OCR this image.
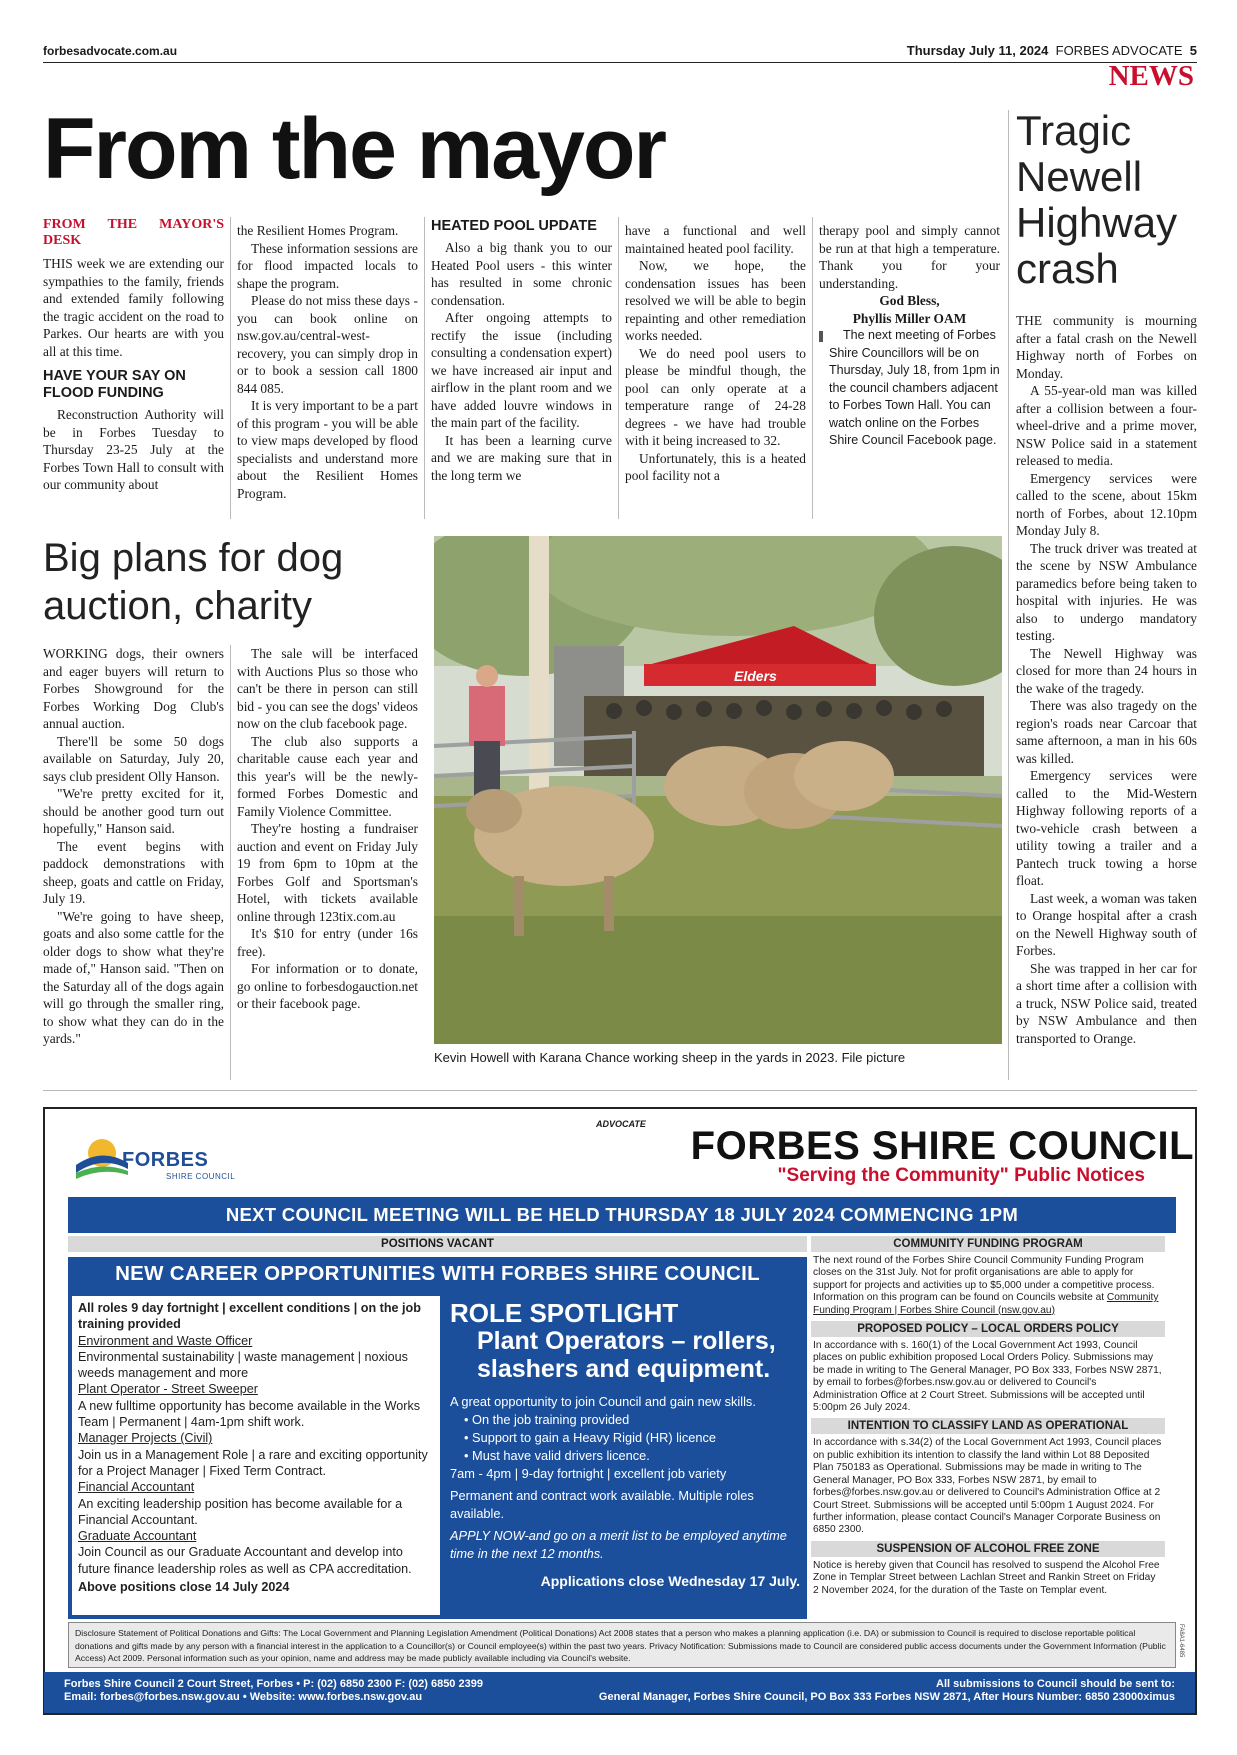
forbesadvocate.com.au	Thursday July 11, 2024 FORBES ADVOCATE 5
NEWS
From the mayor

FROM THE MAYOR'S DESK

THIS week we are extending our sympathies to the family, friends and extended family following the tragic accident on the road to Parkes. Our hearts are with you all at this time.

HAVE YOUR SAY ON FLOOD FUNDING

Reconstruction Authority will be in Forbes Tuesday to Thursday 23-25 July at the Forbes Town Hall to consult with our community about

the Resilient Homes Program.

These information sessions are for flood impacted locals to shape the program.

Please do not miss these days - you can book online on nsw.gov.au/central-west-recovery, you can simply drop in or to book a session call 1800 844 085.

It is very important to be a part of this program - you will be able to view maps developed by flood specialists and understand more about the Resilient Homes Program.

HEATED POOL UPDATE

Also a big thank you to our Heated Pool users - this winter has resulted in some chronic condensation.

After ongoing attempts to rectify the issue (including consulting a condensation expert) we have increased air input and airflow in the plant room and we have added louvre windows in the main part of the facility.

It has been a learning curve and we are making sure that in the long term we

have a functional and well maintained heated pool facility.

Now, we hope, the condensation issues has been resolved we will be able to begin repainting and other remediation works needed.

We do need pool users to please be mindful though, the pool can only operate at a temperature range of 24-28 degrees - we have had trouble with it being increased to 32.

Unfortunately, this is a heated pool facility not a

therapy pool and simply cannot be run at that high a temperature. Thank you for your understanding.

God Bless,

Phyllis Miller OAM

The next meeting of Forbes Shire Councillors will be on Thursday, July 18, from 1pm in the council chambers adjacent to Forbes Town Hall. You can watch online on the Forbes Shire Council Facebook page.

Tragic Newell Highway crash

THE community is mourning after a fatal crash on the Newell Highway north of Forbes on Monday.

A 55-year-old man was killed after a collision between a four-wheel-drive and a prime mover, NSW Police said in a statement released to media.

Emergency services were called to the scene, about 15km north of Forbes, about 12.10pm Monday July 8.

The truck driver was treated at the scene by NSW Ambulance paramedics before being taken to hospital with injuries. He was also to undergo mandatory testing.

The Newell Highway was closed for more than 24 hours in the wake of the tragedy.

There was also tragedy on the region's roads near Carcoar that same afternoon, a man in his 60s was killed.

Emergency services were called to the Mid-Western Highway following reports of a two-vehicle crash between a utility towing a trailer and a Pantech truck towing a horse float.

Last week, a woman was taken to Orange hospital after a crash on the Newell Highway south of Forbes.

She was trapped in her car for a short time after a collision with a truck, NSW Police said, treated by NSW Ambulance and then transported to Orange.

Big plans for dog auction, charity

WORKING dogs, their owners and eager buyers will return to Forbes Showground for the Forbes Working Dog Club's annual auction.

There'll be some 50 dogs available on Saturday, July 20, says club president Olly Hanson.

"We're pretty excited for it, should be another good turn out hopefully," Hanson said.

The event begins with paddock demonstrations with sheep, goats and cattle on Friday, July 19.

"We're going to have sheep, goats and also some cattle for the older dogs to show what they're made of," Hanson said. "Then on the Saturday all of the dogs again will go through the smaller ring, to show what they can do in the yards."

The sale will be interfaced with Auctions Plus so those who can't be there in person can still bid - you can see the dogs' videos now on the club facebook page.

The club also supports a charitable cause each year and this year's will be the newly-formed Forbes Domestic and Family Violence Committee.

They're hosting a fundraiser auction and event on Friday July 19 from 6pm to 10pm at the Forbes Golf and Sportsman's Hotel, with tickets available online through 123tix.com.au

It's $10 for entry (under 16s free).

For information or to donate, go online to forbesdogauction.net or their facebook page.

Elders
Kevin Howell with Karana Chance working sheep in the yards in 2023. File picture
FORBES
SHIRE COUNCIL
ADVOCATE	FORBES SHIRE COUNCIL
"Serving the Community" Public Notices
NEXT COUNCIL MEETING WILL BE HELD THURSDAY 18 JULY 2024 COMMENCING 1PM
POSITIONS VACANT
NEW CAREER OPPORTUNITIES WITH FORBES SHIRE COUNCIL
All roles 9 day fortnight | excellent conditions | on the job training provided
Environment and Waste Officer
Environmental sustainability | waste management | noxious weeds management and more
Plant Operator - Street Sweeper
A new fulltime opportunity has become available in the Works Team | Permanent | 4am-1pm shift work.
Manager Projects (Civil)
Join us in a Management Role | a rare and exciting opportunity for a Project Manager | Fixed Term Contract.
Financial Accountant
An exciting leadership position has become available for a Financial Accountant.
Graduate Accountant
Join Council as our Graduate Accountant and develop into future finance leadership roles as well as CPA accreditation.
Above positions close 14 July 2024
ROLE SPOTLIGHT
Plant Operators – rollers, slashers and equipment.
A great opportunity to join Council and gain new skills.
• On the job training provided
• Support to gain a Heavy Rigid (HR) licence
• Must have valid drivers licence.
7am - 4pm | 9-day fortnight | excellent job variety
Permanent and contract work available. Multiple roles available.
APPLY NOW-and go on a merit list to be employed anytime time in the next 12 months.
Applications close Wednesday 17 July.
COMMUNITY FUNDING PROGRAM
The next round of the Forbes Shire Council Community Funding Program closes on the 31st July. Not for profit organisations are able to apply for support for projects and activities up to $5,000 under a competitive process. Information on this program can be found on Councils website at Community Funding Program | Forbes Shire Council (nsw.gov.au)
PROPOSED POLICY – LOCAL ORDERS POLICY
In accordance with s. 160(1) of the Local Government Act 1993, Council places on public exhibition proposed Local Orders Policy. Submissions may be made in writing to The General Manager, PO Box 333, Forbes NSW 2871, by email to forbes@forbes.nsw.gov.au or delivered to Council's Administration Office at 2 Court Street. Submissions will be accepted until 5:00pm 26 July 2024.
INTENTION TO CLASSIFY LAND AS OPERATIONAL
In accordance with s.34(2) of the Local Government Act 1993, Council places on public exhibition its intention to classify the land within Lot 88 Deposited Plan 750183 as Operational. Submissions may be made in writing to The General Manager, PO Box 333, Forbes NSW 2871, by email to forbes@forbes.nsw.gov.au or delivered to Council's Administration Office at 2 Court Street. Submissions will be accepted until 5:00pm 1 August 2024. For further information, please contact Council's Manager Corporate Business on 6850 2300.
SUSPENSION OF ALCOHOL FREE ZONE
Notice is hereby given that Council has resolved to suspend the Alcohol Free Zone in Templar Street between Lachlan Street and Rankin Street on Friday 2 November 2024, for the duration of the Taste on Templar event.
Disclosure Statement of Political Donations and Gifts: The Local Government and Planning Legislation Amendment (Political Donations) Act 2008 states that a person who makes a planning application (i.e. DA) or submission to Council is required to disclose reportable political donations and gifts made by any person with a financial interest in the application to a Councillor(s) or Council employee(s) within the past two years. Privacy Notification: Submissions made to Council are considered public access documents under the Government Information (Public Access) Act 2009. Personal information such as your opinion, name and address may be made publicly available including via Council's website.
FA8A1-6485
Forbes Shire Council 2 Court Street, Forbes • P: (02) 6850 2300 F: (02) 6850 2399
Email: forbes@forbes.nsw.gov.au • Website: www.forbes.nsw.gov.au
All submissions to Council should be sent to:
General Manager, Forbes Shire Council, PO Box 333 Forbes NSW 2871, After Hours Number: 6850 23000ximus
